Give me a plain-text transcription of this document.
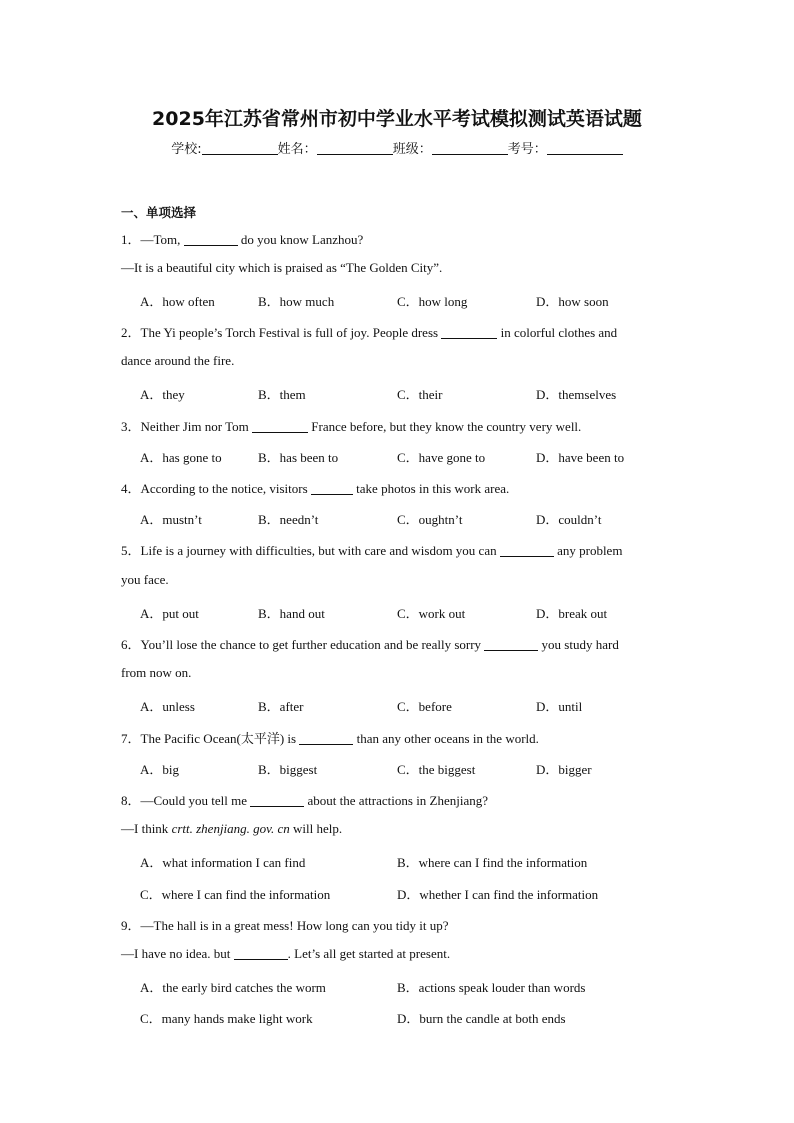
2025年江苏省常州市初中学业水平考试模拟测试英语试题
学校:	姓名：	班级：	考号：
一、单项选择
1．—Tom,	do you know Lanzhou?
—It is a beautiful city which is praised as “The Golden City”.
A．how often	B．how much	C．how long	D．how soon
2．The Yi people’s Torch Festival is full of joy. People dress	in colorful clothes and
dance around the fire.
A．they	B．them	C．their	D．themselves
3．Neither Jim nor Tom	France before, but they know the country very well.
A．has gone to	B．has been to	C．have gone to	D．have been to
4．According to the notice, visitors	take photos in this work area.
A．mustn’t	B．needn’t	C．oughtn’t	D．couldn’t
5．Life is a journey with difficulties, but with care and wisdom you can	any problem
you face.
A．put out	B．hand out	C．work out	D．break out
6．You’ll lose the chance to get further education and be really sorry	you study hard
from now on.
A．unless	B．after	C．before	D．until
7．The Pacific Ocean(太平洋) is	than any other oceans in the world.
A．big	B．biggest	C．the biggest	D．bigger
8．—Could you tell me	about the attractions in Zhenjiang?
—I think crtt. zhenjiang. gov. cn will help.
A．what information I can find	B．where can I find the information
C．where I can find the information	D．whether I can find the information
9．—The hall is in a great mess! How long can you tidy it up?
—I have no idea. but	. Let’s all get started at present.
A．the early bird catches the worm	B．actions speak louder than words
C．many hands make light work	D．burn the candle at both ends
